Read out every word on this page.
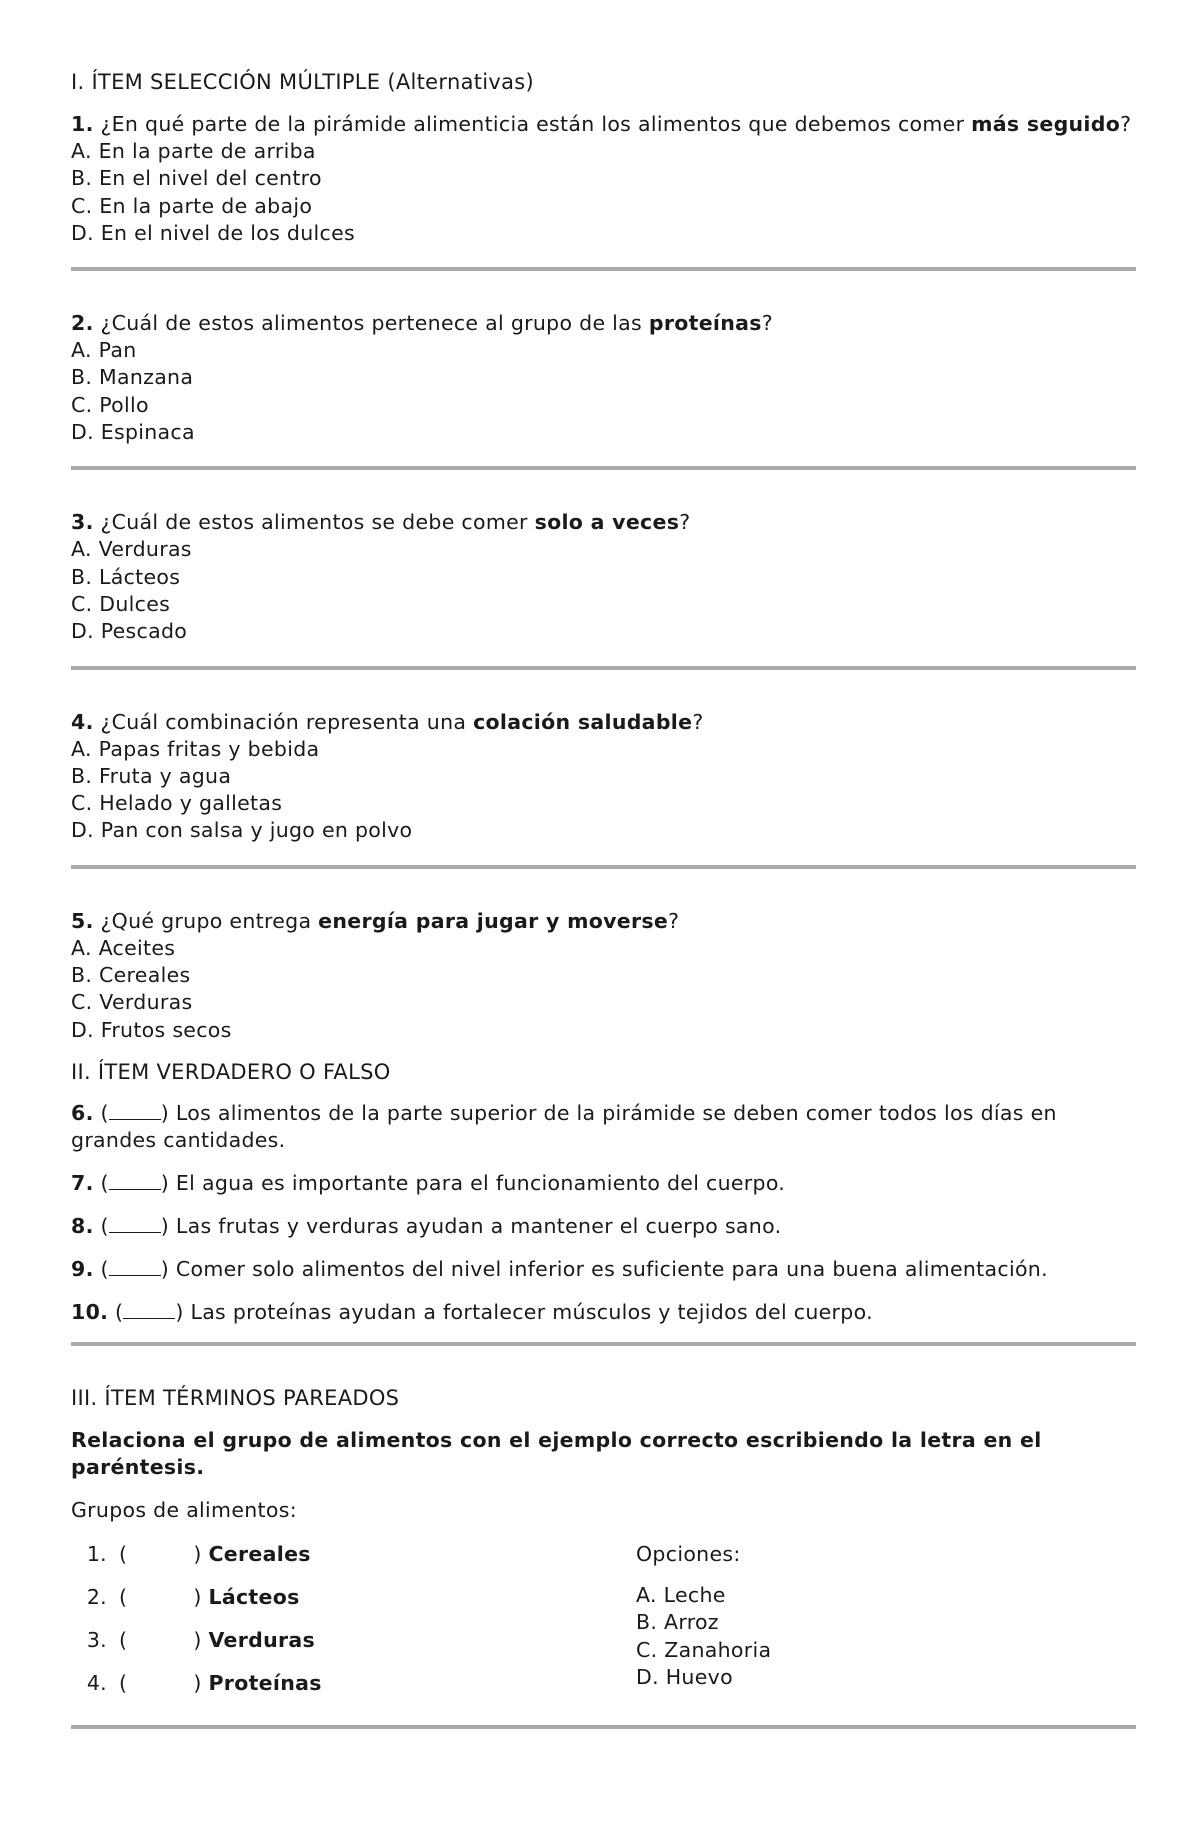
I. ÍTEM SELECCIÓN MÚLTIPLE (Alternativas)
1. ¿En qué parte de la pirámide alimenticia están los alimentos que debemos comer más seguido?
A. En la parte de arriba
B. En el nivel del centro
C. En la parte de abajo
D. En el nivel de los dulces
2. ¿Cuál de estos alimentos pertenece al grupo de las proteínas?
A. Pan
B. Manzana
C. Pollo
D. Espinaca
3. ¿Cuál de estos alimentos se debe comer solo a veces?
A. Verduras
B. Lácteos
C. Dulces
D. Pescado
4. ¿Cuál combinación representa una colación saludable?
A. Papas fritas y bebida
B. Fruta y agua
C. Helado y galletas
D. Pan con salsa y jugo en polvo
5. ¿Qué grupo entrega energía para jugar y moverse?
A. Aceites
B. Cereales
C. Verduras
D. Frutos secos
II. ÍTEM VERDADERO O FALSO
6. (	) Los alimentos de la parte superior de la pirámide se deben comer todos los días en grandes cantidades.
7. (	) El agua es importante para el funcionamiento del cuerpo.
8. (	) Las frutas y verduras ayudan a mantener el cuerpo sano.
9. (	) Comer solo alimentos del nivel inferior es suficiente para una buena alimentación.
10. (	) Las proteínas ayudan a fortalecer músculos y tejidos del cuerpo.
III. ÍTEM TÉRMINOS PAREADOS
Relaciona el grupo de alimentos con el ejemplo correcto escribiendo la letra en el paréntesis.
Grupos de alimentos:
1. (	) Cereales
2. (	) Lácteos
3. (	) Verduras
4. (	) Proteínas
Opciones:
A. Leche
B. Arroz
C. Zanahoria
D. Huevo
